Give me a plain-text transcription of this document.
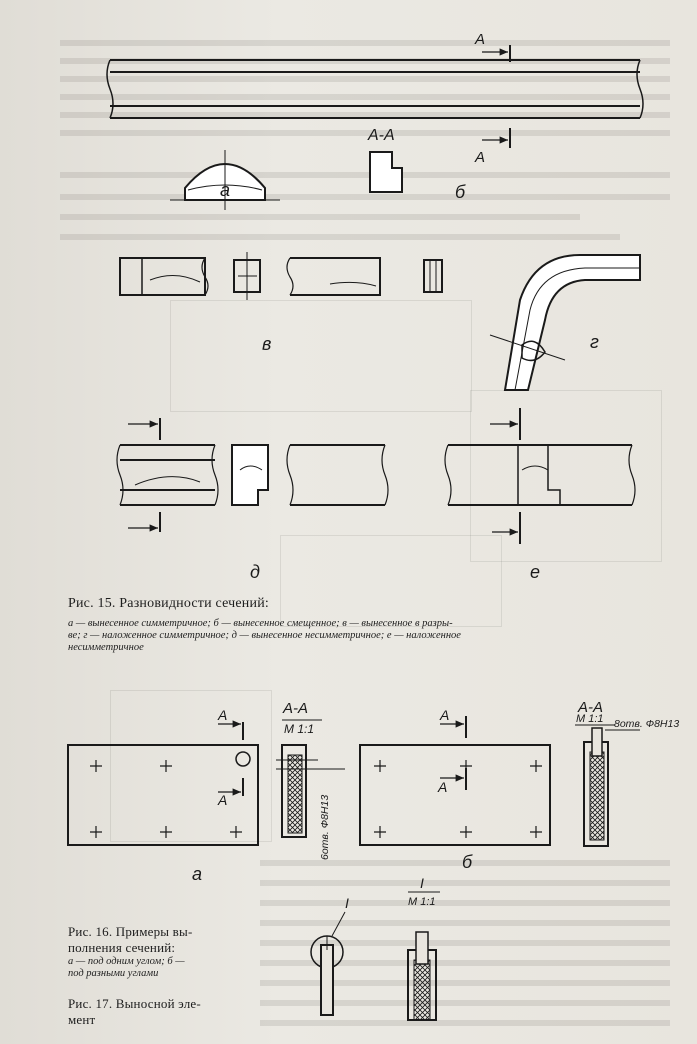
А
А
А-А
а	б
в	г
д	е
А-А
М 1:1
А
А	6отв. Ф8Н13
а
А
А
б
А-А
М 1:1 8отв. Ф8Н13
I
I
М 1:1
Рис. 15. Разновидности сечений:
а — вынесенное симметричное; б — вынесенное смещенное; в — вынесенное в разры-
ве; г — наложенное симметричное; д — вынесенное несимметричное; е — наложенное
несимметричное
Рис. 16. Примеры вы-
полнения сечений:
а — под одним углом; б —
под разными углами
Рис. 17. Выносной эле-
мент
